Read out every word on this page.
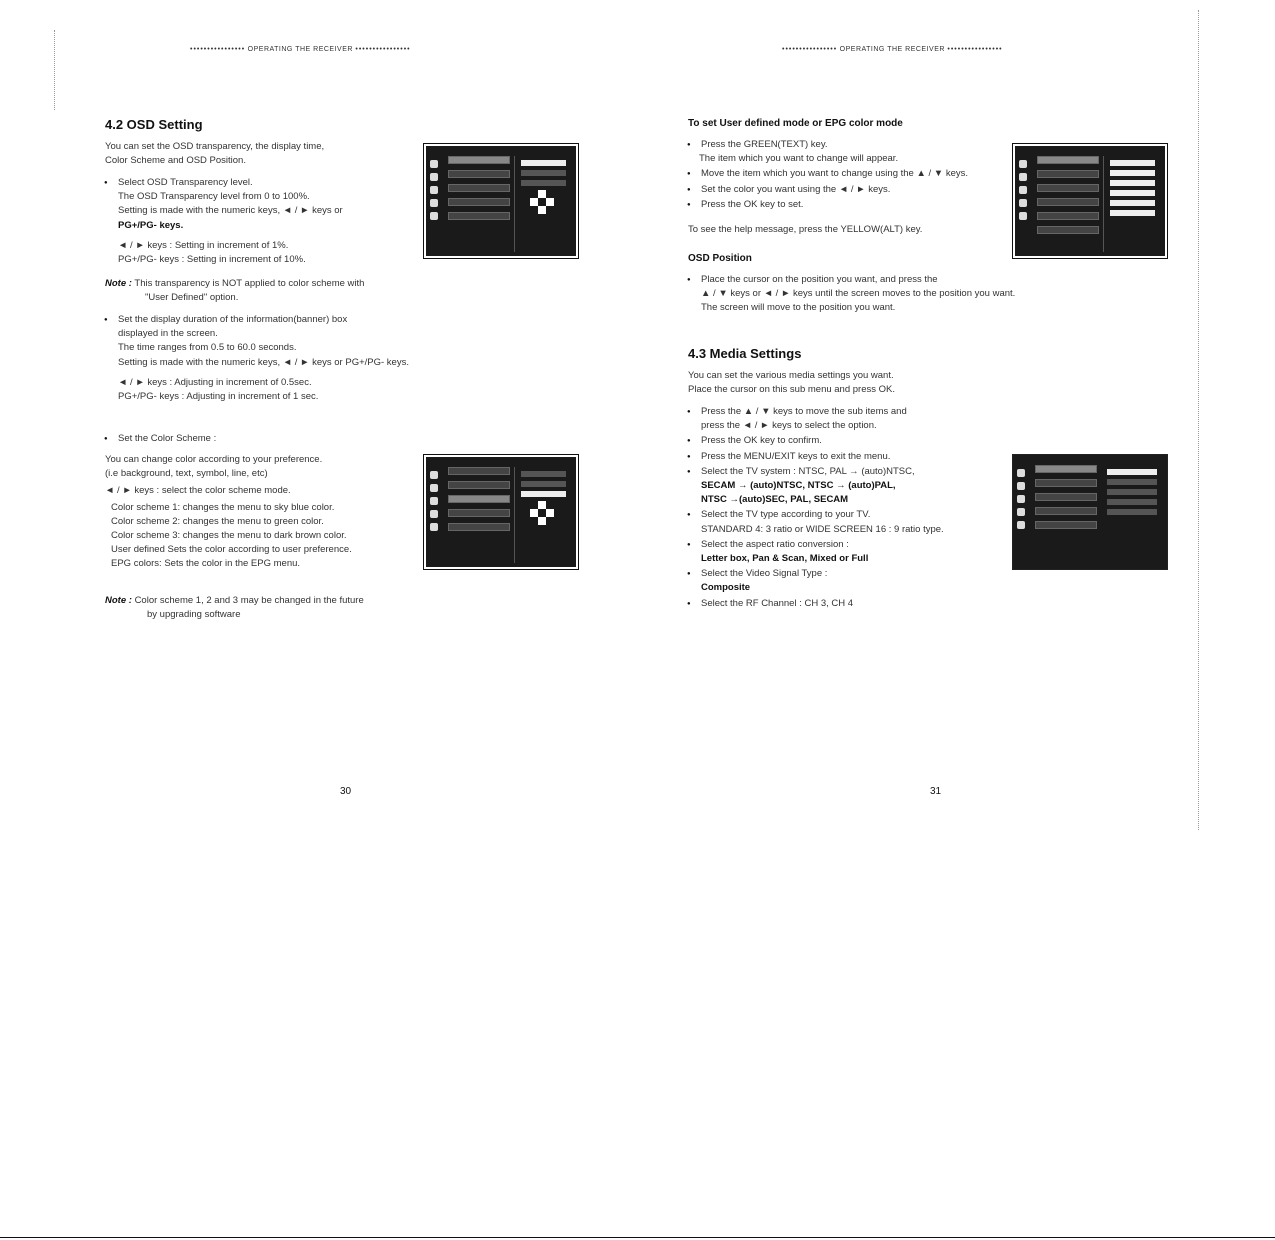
•••••••••••••••• OPERATING THE RECEIVER ••••••••••••••••
4.2 OSD Setting
You can set the OSD transparency, the display time,
Color Scheme and OSD Position.
● Select OSD Transparency level.
The OSD Transparency level from 0 to 100%.
Setting is made with the numeric keys, ◄ / ► keys or
PG+/PG- keys.
◄ / ► keys : Setting in increment of 1%.
PG+/PG- keys : Setting in increment of 10%.
Note : This transparency is NOT applied to color scheme with
"User Defined" option.
● Set the display duration of the information(banner) box
displayed in the screen.
The time ranges from 0.5 to 60.0 seconds.
Setting is made with the numeric keys, ◄ / ► keys or PG+/PG- keys.
◄ / ► keys : Adjusting in increment of 0.5sec.
PG+/PG- keys : Adjusting in increment of 1 sec.
● Set the Color Scheme :
You can change color according to your preference.
(i.e background, text, symbol, line, etc)
◄ / ► keys : select the color scheme mode.
Color scheme 1: changes the menu to sky blue color.
Color scheme 2: changes the menu to green color.
Color scheme 3: changes the menu to dark brown color.
User defined Sets the color according to user preference.
EPG colors: Sets the color in the EPG menu.
Note : Color scheme 1, 2 and 3 may be changed in the future
by upgrading software
30
•••••••••••••••• OPERATING THE RECEIVER ••••••••••••••••
To set User defined mode or EPG color mode
● Press the GREEN(TEXT) key.
The item which you want to change will appear.
● Move the item which you want to change using the ▲ / ▼ keys.
● Set the color you want using the ◄ / ► keys.
● Press the OK key to set.
To see the help message, press the YELLOW(ALT) key.
OSD Position
● Place the cursor on the position you want, and press the
▲ / ▼ keys or ◄ / ► keys until the screen moves to the position you want.
The screen will move to the position you want.
4.3 Media Settings
You can set the various media settings you want.
Place the cursor on this sub menu and press OK.
● Press the ▲ / ▼ keys to move the sub items and
press the ◄ / ► keys to select the option.
● Press the OK key to confirm.
● Press the MENU/EXIT keys to exit the menu.
● Select the TV system : NTSC, PAL → (auto)NTSC,
SECAM → (auto)NTSC, NTSC → (auto)PAL,
NTSC →(auto)SEC, PAL, SECAM
● Select the TV type according to your TV.
STANDARD 4: 3 ratio or WIDE SCREEN 16 : 9 ratio type.
● Select the aspect ratio conversion :
Letter box, Pan & Scan, Mixed or Full
● Select the Video Signal Type :
Composite
● Select the RF Channel : CH 3, CH 4
31
